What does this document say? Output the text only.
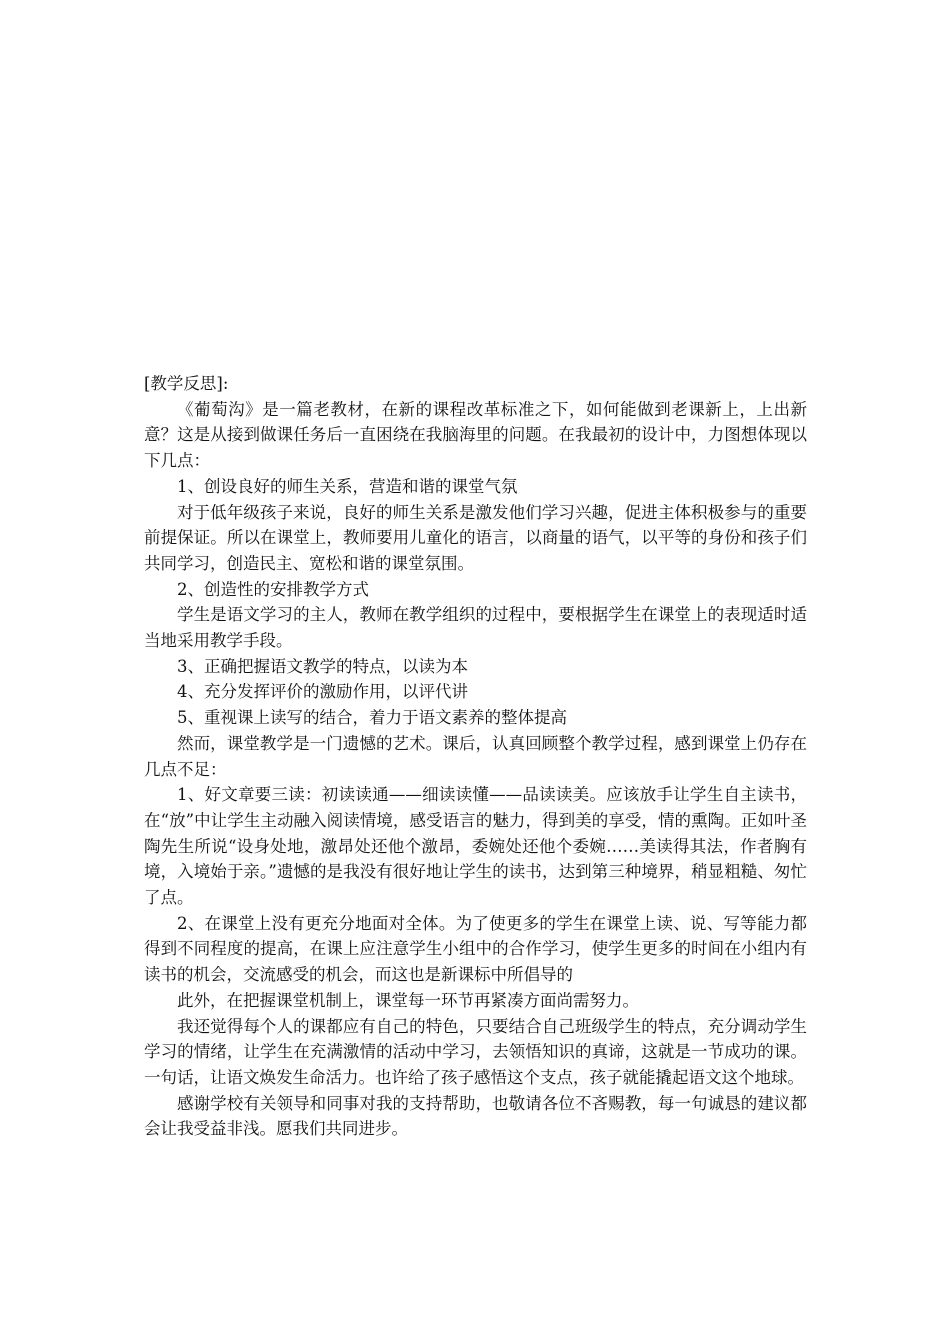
[教学反思]:

《葡萄沟》是一篇老教材，在新的课程改革标准之下，如何能做到老课新上，上出新意？这是从接到做课任务后一直困绕在我脑海里的问题。在我最初的设计中，力图想体现以下几点：

1、创设良好的师生关系，营造和谐的课堂气氛

对于低年级孩子来说，良好的师生关系是激发他们学习兴趣，促进主体积极参与的重要前提保证。所以在课堂上，教师要用儿童化的语言，以商量的语气，以平等的身份和孩子们共同学习，创造民主、宽松和谐的课堂氛围。

2、创造性的安排教学方式

学生是语文学习的主人，教师在教学组织的过程中，要根据学生在课堂上的表现适时适当地采用教学手段。

3、正确把握语文教学的特点，以读为本

4、充分发挥评价的激励作用，以评代讲

5、重视课上读写的结合，着力于语文素养的整体提高

然而，课堂教学是一门遗憾的艺术。课后，认真回顾整个教学过程，感到课堂上仍存在几点不足：

1、好文章要三读：初读读通——细读读懂——品读读美。应该放手让学生自主读书，在“放”中让学生主动融入阅读情境，感受语言的魅力，得到美的享受，情的熏陶。正如叶圣陶先生所说“设身处地，激昂处还他个激昂，委婉处还他个委婉……美读得其法，作者胸有境，入境始于亲。”遗憾的是我没有很好地让学生的读书，达到第三种境界，稍显粗糙、匆忙了点。

2、在课堂上没有更充分地面对全体。为了使更多的学生在课堂上读、说、写等能力都得到不同程度的提高，在课上应注意学生小组中的合作学习，使学生更多的时间在小组内有读书的机会，交流感受的机会，而这也是新课标中所倡导的

此外，在把握课堂机制上，课堂每一环节再紧凑方面尚需努力。

我还觉得每个人的课都应有自己的特色，只要结合自己班级学生的特点，充分调动学生学习的情绪，让学生在充满激情的活动中学习，去领悟知识的真谛，这就是一节成功的课。一句话，让语文焕发生命活力。也许给了孩子感悟这个支点，孩子就能撬起语文这个地球。

感谢学校有关领导和同事对我的支持帮助，也敬请各位不吝赐教，每一句诚恳的建议都会让我受益非浅。愿我们共同进步。
